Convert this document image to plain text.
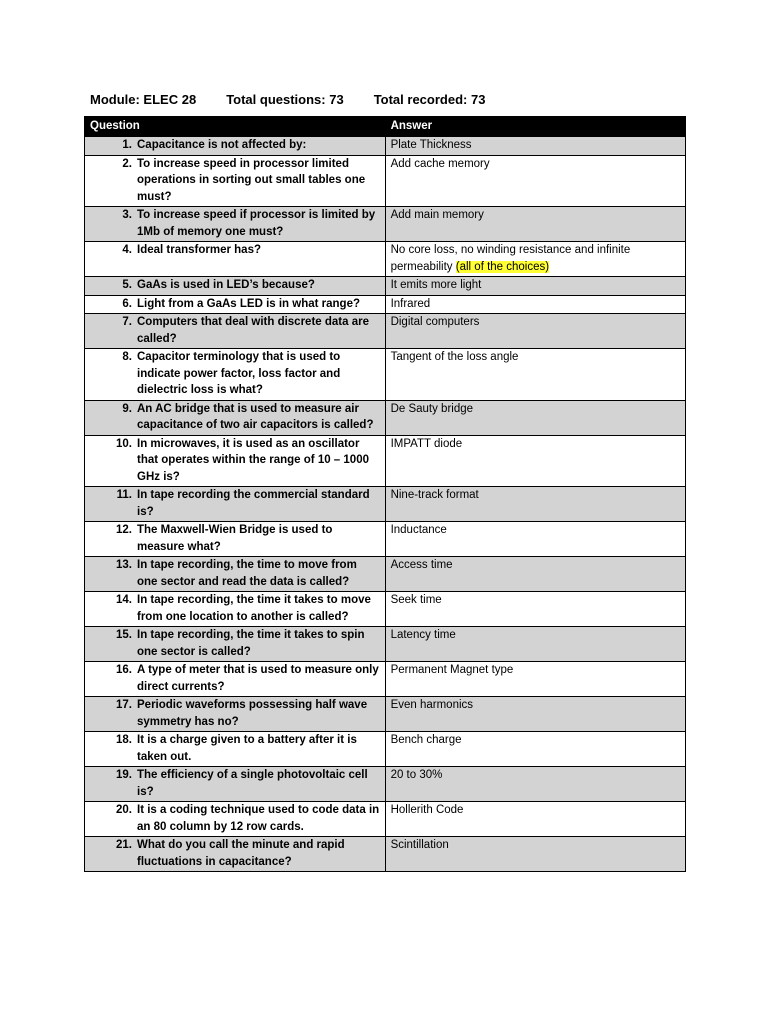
Module: ELEC 28 Total questions: 73 Total recorded: 73
Question	Answer

1. Capacitance is not affected by:	Plate Thickness

2. To increase speed in processor limited operations in sorting out small tables one must?	Add cache memory

3. To increase speed if processor is limited by 1Mb of memory one must?	Add main memory

4. Ideal transformer has?	No core loss, no winding resistance and infinite permeability (all of the choices)

5. GaAs is used in LED’s because?	It emits more light

6. Light from a GaAs LED is in what range?	Infrared

7. Computers that deal with discrete data are called?	Digital computers

8. Capacitor terminology that is used to indicate power factor, loss factor and dielectric loss is what?	Tangent of the loss angle

9. An AC bridge that is used to measure air capacitance of two air capacitors is called?	De Sauty bridge

10. In microwaves, it is used as an oscillator that operates within the range of 10 – 1000 GHz is?	IMPATT diode

11. In tape recording the commercial standard is?	Nine-track format

12. The Maxwell-Wien Bridge is used to measure what?	Inductance

13. In tape recording, the time to move from one sector and read the data is called?	Access time

14. In tape recording, the time it takes to move from one location to another is called?	Seek time

15. In tape recording, the time it takes to spin one sector is called?	Latency time

16. A type of meter that is used to measure only direct currents?	Permanent Magnet type

17. Periodic waveforms possessing half wave symmetry has no?	Even harmonics

18. It is a charge given to a battery after it is taken out.	Bench charge

19. The efficiency of a single photovoltaic cell is?	20 to 30%

20. It is a coding technique used to code data in an 80 column by 12 row cards.	Hollerith Code

21. What do you call the minute and rapid fluctuations in capacitance?	Scintillation
